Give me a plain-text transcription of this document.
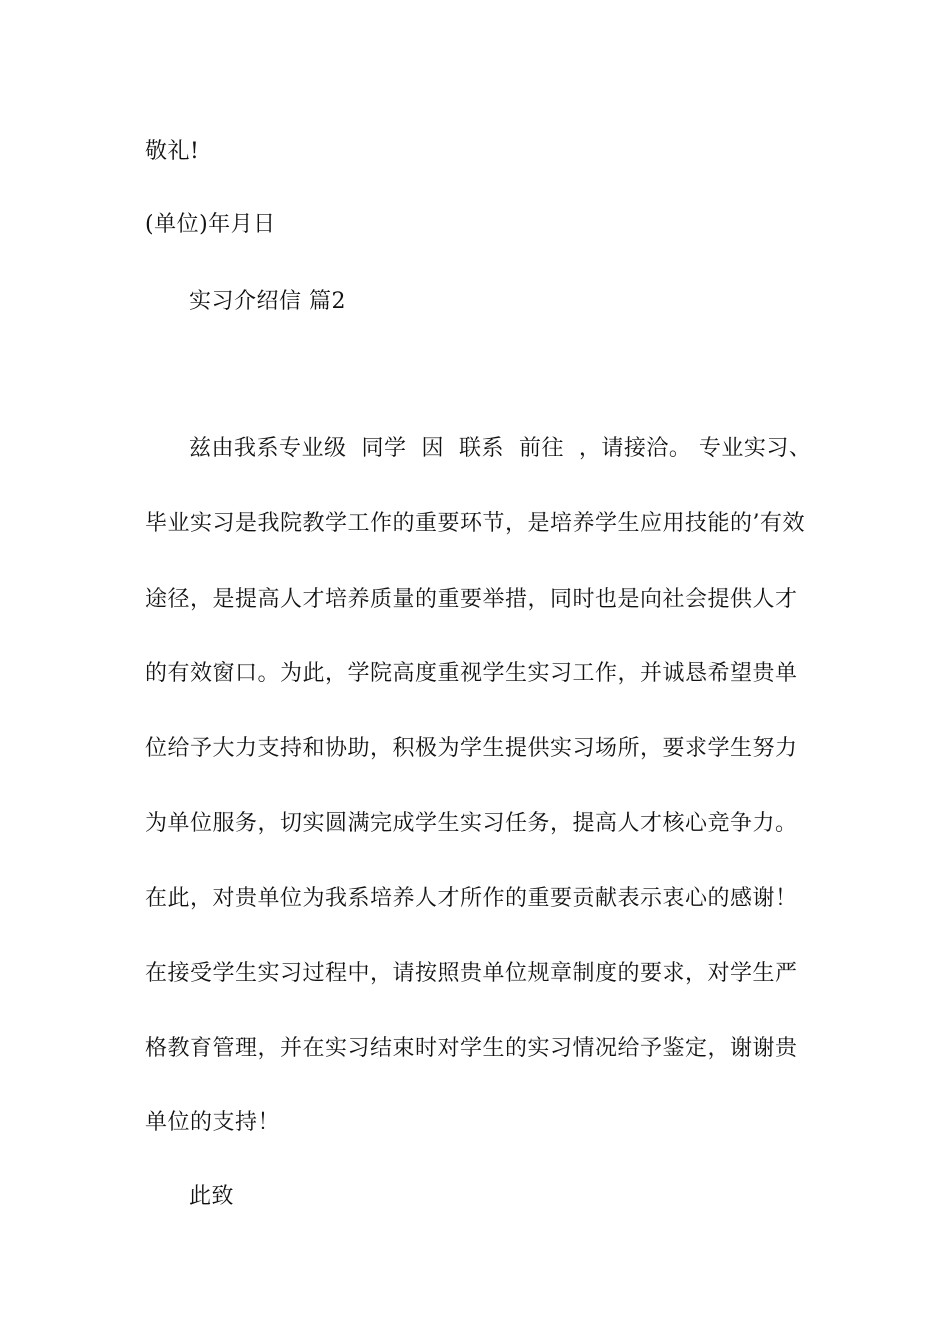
敬礼!
(单位)年月日
实习介绍信 篇2
兹由我系专业级  同学  因  联系  前往  ，请接洽。 专业实习、
毕业实习是我院教学工作的重要环节，是培养学生应用技能的’有效
途径，是提高人才培养质量的重要举措，同时也是向社会提供人才
的有效窗口。为此，学院高度重视学生实习工作，并诚恳希望贵单
位给予大力支持和协助，积极为学生提供实习场所，要求学生努力
为单位服务，切实圆满完成学生实习任务，提高人才核心竞争力。
在此，对贵单位为我系培养人才所作的重要贡献表示衷心的感谢！
在接受学生实习过程中，请按照贵单位规章制度的要求，对学生严
格教育管理，并在实习结束时对学生的实习情况给予鉴定，谢谢贵
单位的支持！
此致
